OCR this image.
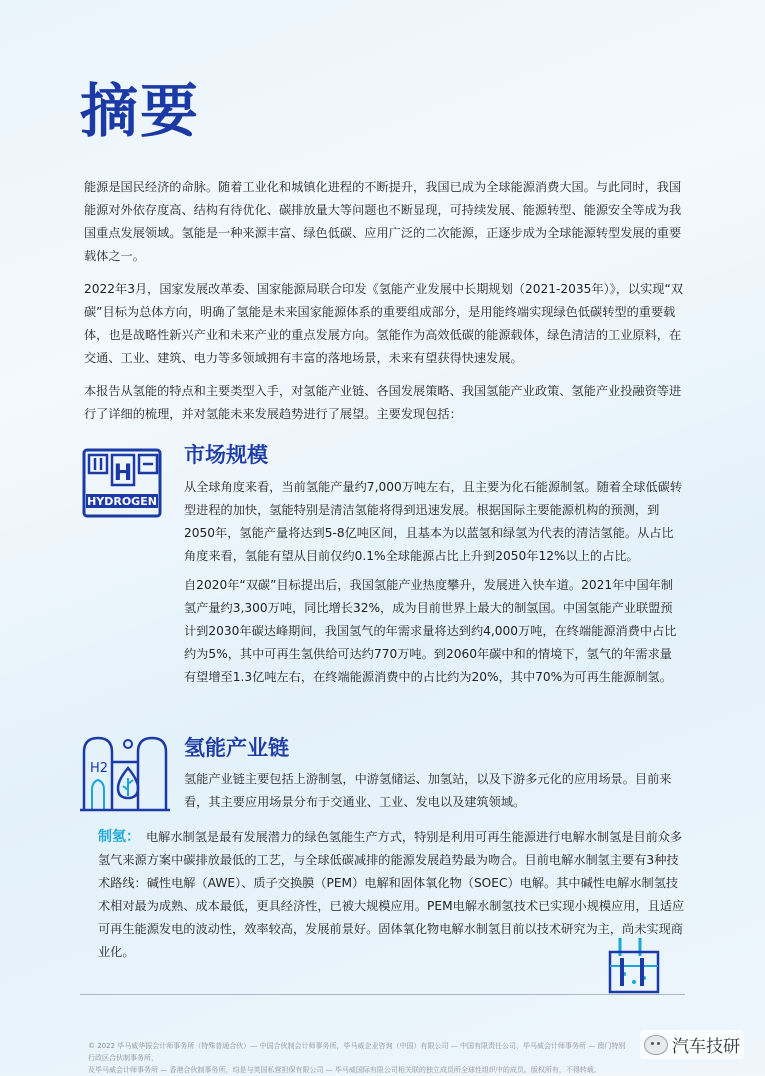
摘要

能源是国民经济的命脉。随着工业化和城镇化进程的不断提升，我国已成为全球能源消费大国。与此同时，我国能源对外依存度高、结构有待优化、碳排放量大等问题也不断显现，可持续发展、能源转型、能源安全等成为我国重点发展领域。氢能是一种来源丰富、绿色低碳、应用广泛的二次能源，正逐步成为全球能源转型发展的重要载体之一。

2022年3月，国家发展改革委、国家能源局联合印发《氢能产业发展中长期规划（2021-2035年）》，以实现“双碳”目标为总体方向，明确了氢能是未来国家能源体系的重要组成部分，是用能终端实现绿色低碳转型的重要载体，也是战略性新兴产业和未来产业的重点发展方向。氢能作为高效低碳的能源载体，绿色清洁的工业原料，在交通、工业、建筑、电力等多领域拥有丰富的落地场景，未来有望获得快速发展。

本报告从氢能的特点和主要类型入手，对氢能产业链、各国发展策略、我国氢能产业政策、氢能产业投融资等进行了详细的梳理，并对氢能未来发展趋势进行了展望。主要发现包括：

H
HYDROGEN
市场规模

从全球角度来看，当前氢能产量约7,000万吨左右，且主要为化石能源制氢。随着全球低碳转型进程的加快，氢能特别是清洁氢能将得到迅速发展。根据国际主要能源机构的预测，到2050年，氢能产量将达到5-8亿吨区间，且基本为以蓝氢和绿氢为代表的清洁氢能。从占比角度来看，氢能有望从目前仅约0.1%全球能源占比上升到2050年12%以上的占比。

自2020年“双碳”目标提出后，我国氢能产业热度攀升，发展进入快车道。2021年中国年制氢产量约3,300万吨，同比增长32%，成为目前世界上最大的制氢国。中国氢能产业联盟预计到2030年碳达峰期间，我国氢气的年需求量将达到约4,000万吨，在终端能源消费中占比约为5%，其中可再生氢供给可达约770万吨。到2060年碳中和的情境下，氢气的年需求量有望增至1.3亿吨左右，在终端能源消费中的占比约为20%，其中70%为可再生能源制氢。

H2
氢能产业链

氢能产业链主要包括上游制氢，中游氢储运、加氢站，以及下游多元化的应用场景。目前来看，其主要应用场景分布于交通业、工业、发电以及建筑领域。

制氢： 电解水制氢是最有发展潜力的绿色氢能生产方式，特别是利用可再生能源进行电解水制氢是目前众多氢气来源方案中碳排放最低的工艺，与全球低碳减排的能源发展趋势最为吻合。目前电解水制氢主要有3种技术路线：碱性电解（AWE）、质子交换膜（PEM）电解和固体氧化物（SOEC）电解。其中碱性电解水制氢技术相对最为成熟、成本最低，更具经济性，已被大规模应用。PEM电解水制氢技术已实现小规模应用，且适应可再生能源发电的波动性，效率较高，发展前景好。固体氧化物电解水制氢目前以技术研究为主，尚未实现商业化。
© 2022 毕马威华振会计师事务所（特殊普通合伙）— 中国合伙制会计师事务所，毕马威企业咨询（中国）有限公司 — 中国有限责任公司，毕马威会计师事务所 — 澳门特别行政区合伙制事务所，
及毕马威会计师事务所 — 香港合伙制事务所，均是与英国私营担保有限公司 — 毕马威国际有限公司相关联的独立成员所全球性组织中的成员。版权所有，不得转载。
汽车技研
